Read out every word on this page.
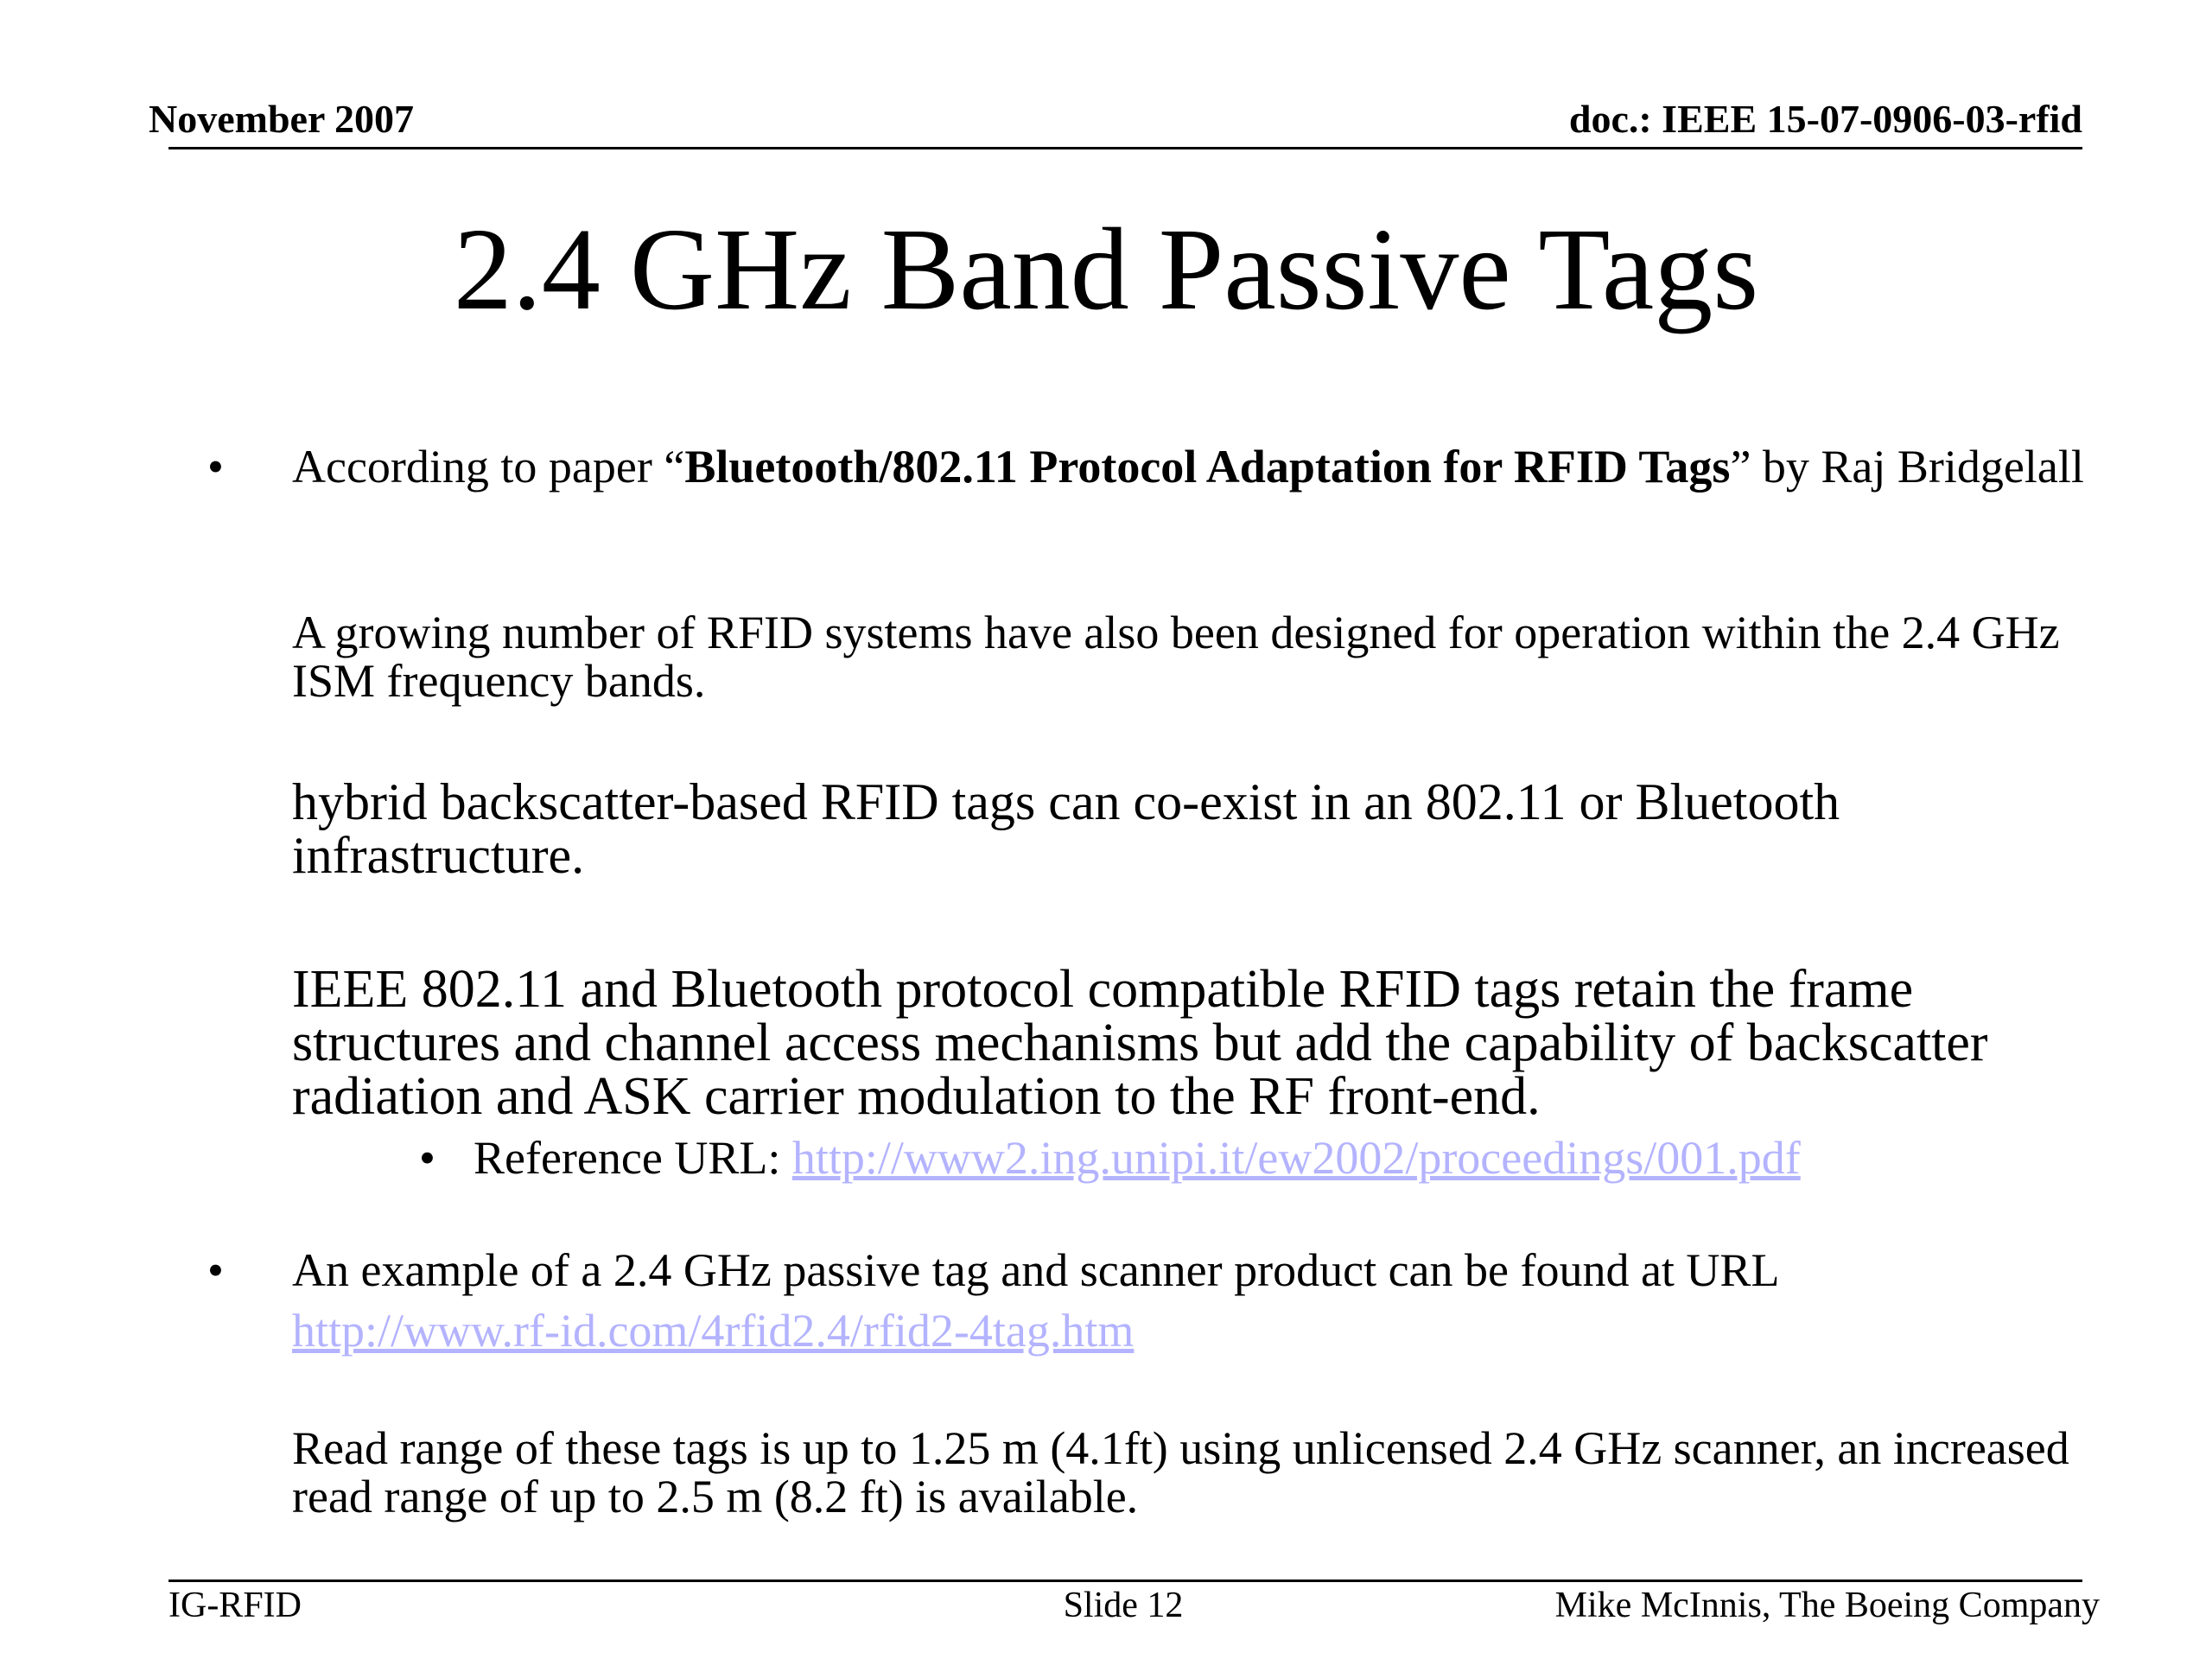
November 2007	doc.: IEEE 15-07-0906-03-rfid
2.4 GHz Band Passive Tags
• According to paper “Bluetooth/802.11 Protocol Adaptation for RFID Tags” by Raj Bridgelall
A growing number of RFID systems have also been designed for operation within the 2.4 GHz ISM frequency bands.
hybrid backscatter-based RFID tags can co-exist in an 802.11 or Bluetooth infrastructure.
IEEE 802.11 and Bluetooth protocol compatible RFID tags retain the frame structures and channel access mechanisms but add the capability of backscatter radiation and ASK carrier modulation to the RF front-end.
• Reference URL: http://www2.ing.unipi.it/ew2002/proceedings/001.pdf
• An example of a 2.4 GHz passive tag and scanner product can be found at URL
http://www.rf-id.com/4rfid2.4/rfid2-4tag.htm
Read range of these tags is up to 1.25 m (4.1ft) using unlicensed 2.4 GHz scanner, an increased read range of up to 2.5 m (8.2 ft) is available.
IG-RFID	Slide 12	Mike McInnis, The Boeing Company
